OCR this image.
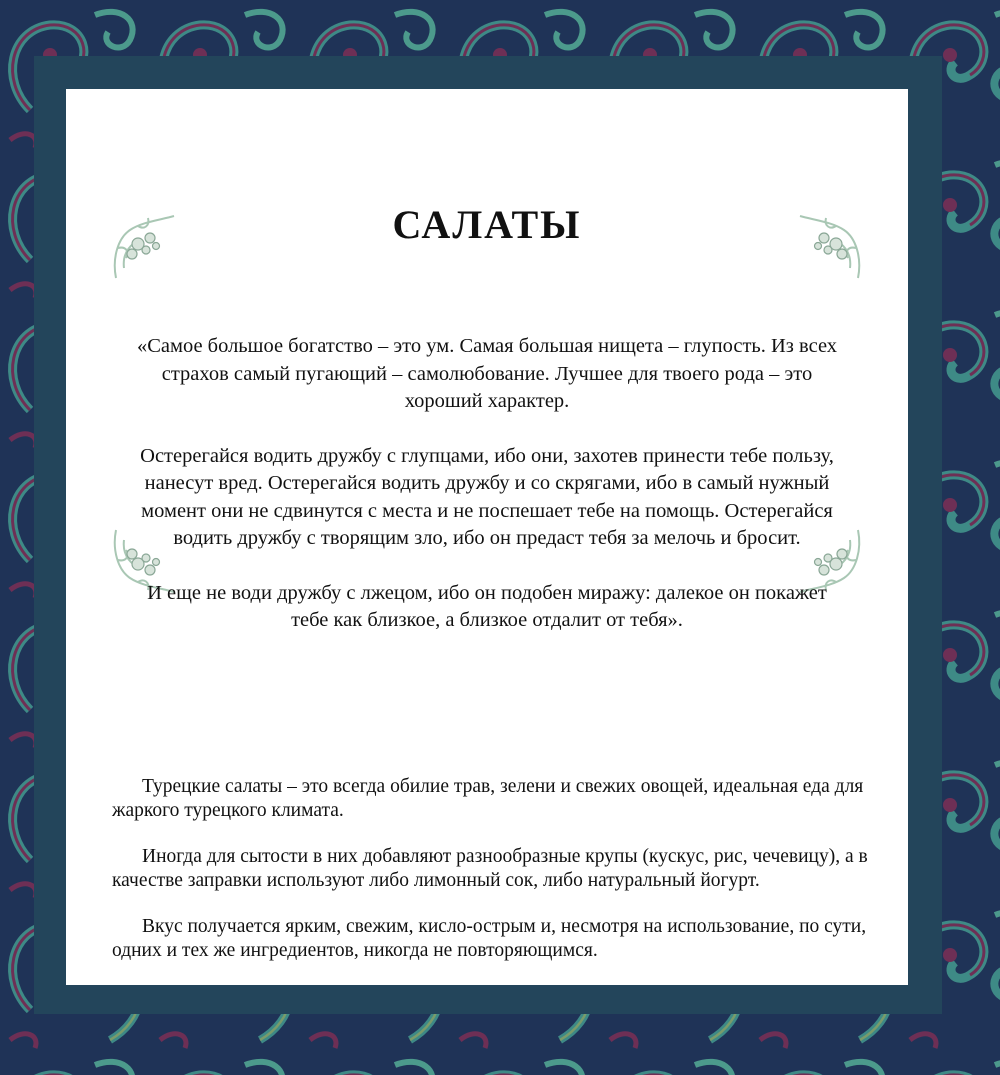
САЛАТЫ

«Самое большое богатство – это ум. Самая большая нищета – глупость. Из всех страхов самый пугающий – самолюбование. Лучшее для твоего рода – это хороший характер.

Остерегайся водить дружбу с глупцами, ибо они, захотев принести тебе пользу, нанесут вред. Остерегайся водить дружбу и со скрягами, ибо в самый нужный момент они не сдвинутся с места и не поспешает тебе на помощь. Остерегайся водить дружбу с творящим зло, ибо он предаст тебя за мелочь и бросит.

И еще не води дружбу с лжецом, ибо он подобен миражу: далекое он покажет тебе как близкое, а близкое отдалит от тебя».

Турецкие салаты – это всегда обилие трав, зелени и свежих овощей, идеальная еда для жаркого турецкого климата.

Иногда для сытости в них добавляют разнообразные крупы (кускус, рис, чечевицу), а в качестве заправки используют либо лимонный сок, либо натуральный йогурт.

Вкус получается ярким, свежим, кисло-острым и, несмотря на использование, по сути, одних и тех же ингредиентов, никогда не повторяющимся.
